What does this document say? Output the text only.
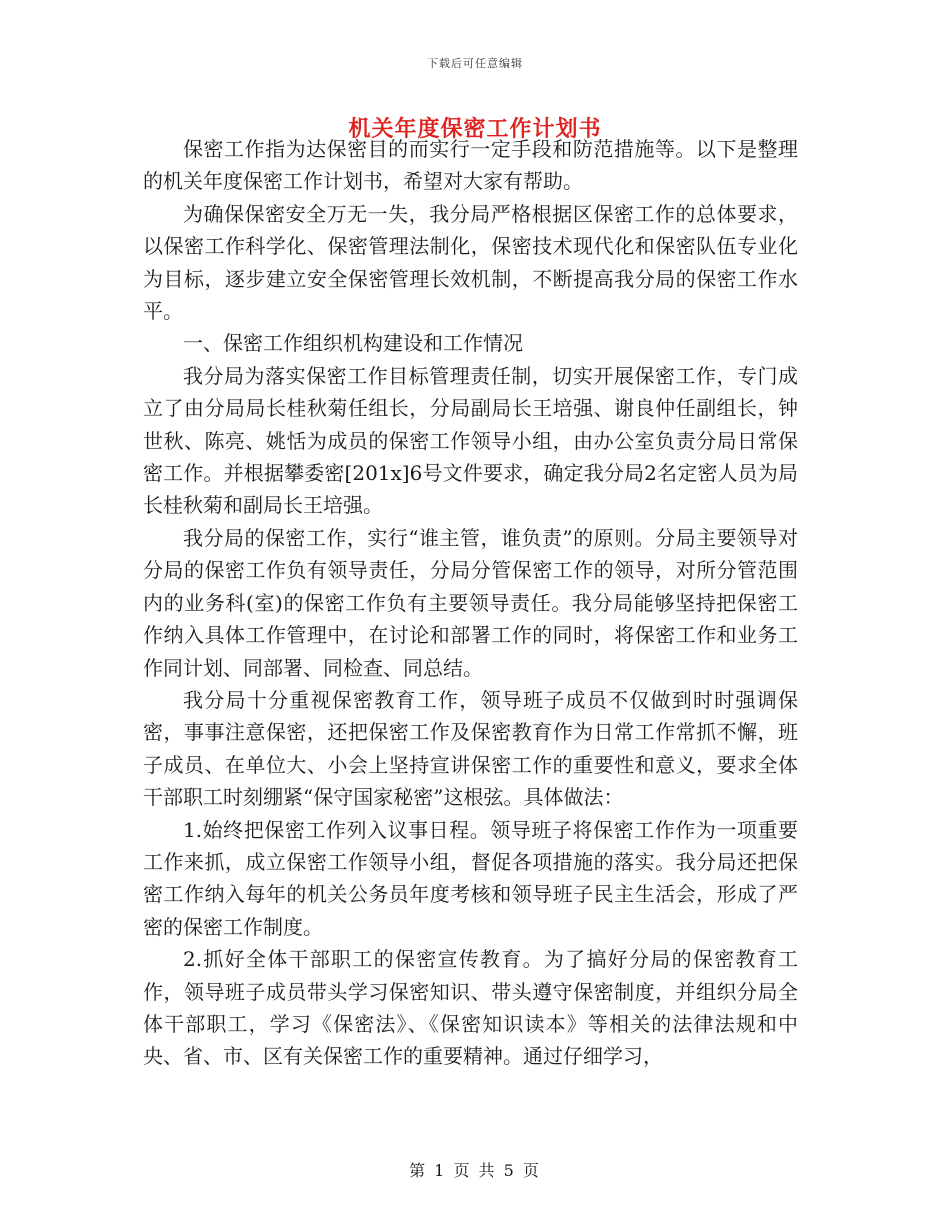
下载后可任意编辑
机关年度保密工作计划书

保密工作指为达保密目的而实行一定手段和防范措施等。以下是整理的机关年度保密工作计划书，希望对大家有帮助。

为确保保密安全万无一失，我分局严格根据区保密工作的总体要求，以保密工作科学化、保密管理法制化，保密技术现代化和保密队伍专业化为目标，逐步建立安全保密管理长效机制，不断提高我分局的保密工作水平。

一、保密工作组织机构建设和工作情况

我分局为落实保密工作目标管理责任制，切实开展保密工作，专门成立了由分局局长桂秋菊任组长，分局副局长王培强、谢良仲任副组长，钟世秋、陈亮、姚恬为成员的保密工作领导小组，由办公室负责分局日常保密工作。并根据攀委密[201x]6号文件要求，确定我分局2名定密人员为局长桂秋菊和副局长王培强。

我分局的保密工作，实行“谁主管，谁负责”的原则。分局主要领导对分局的保密工作负有领导责任，分局分管保密工作的领导，对所分管范围内的业务科(室)的保密工作负有主要领导责任。我分局能够坚持把保密工作纳入具体工作管理中，在讨论和部署工作的同时，将保密工作和业务工作同计划、同部署、同检查、同总结。

我分局十分重视保密教育工作，领导班子成员不仅做到时时强调保密，事事注意保密，还把保密工作及保密教育作为日常工作常抓不懈，班子成员、在单位大、小会上坚持宣讲保密工作的重要性和意义，要求全体干部职工时刻绷紧“保守国家秘密”这根弦。具体做法：

1.始终把保密工作列入议事日程。领导班子将保密工作作为一项重要工作来抓，成立保密工作领导小组，督促各项措施的落实。我分局还把保密工作纳入每年的机关公务员年度考核和领导班子民主生活会，形成了严密的保密工作制度。

2.抓好全体干部职工的保密宣传教育。为了搞好分局的保密教育工作，领导班子成员带头学习保密知识、带头遵守保密制度，并组织分局全体干部职工，学习《保密法》、《保密知识读本》等相关的法律法规和中央、省、市、区有关保密工作的重要精神。通过仔细学习，

第 1 页 共 5 页
